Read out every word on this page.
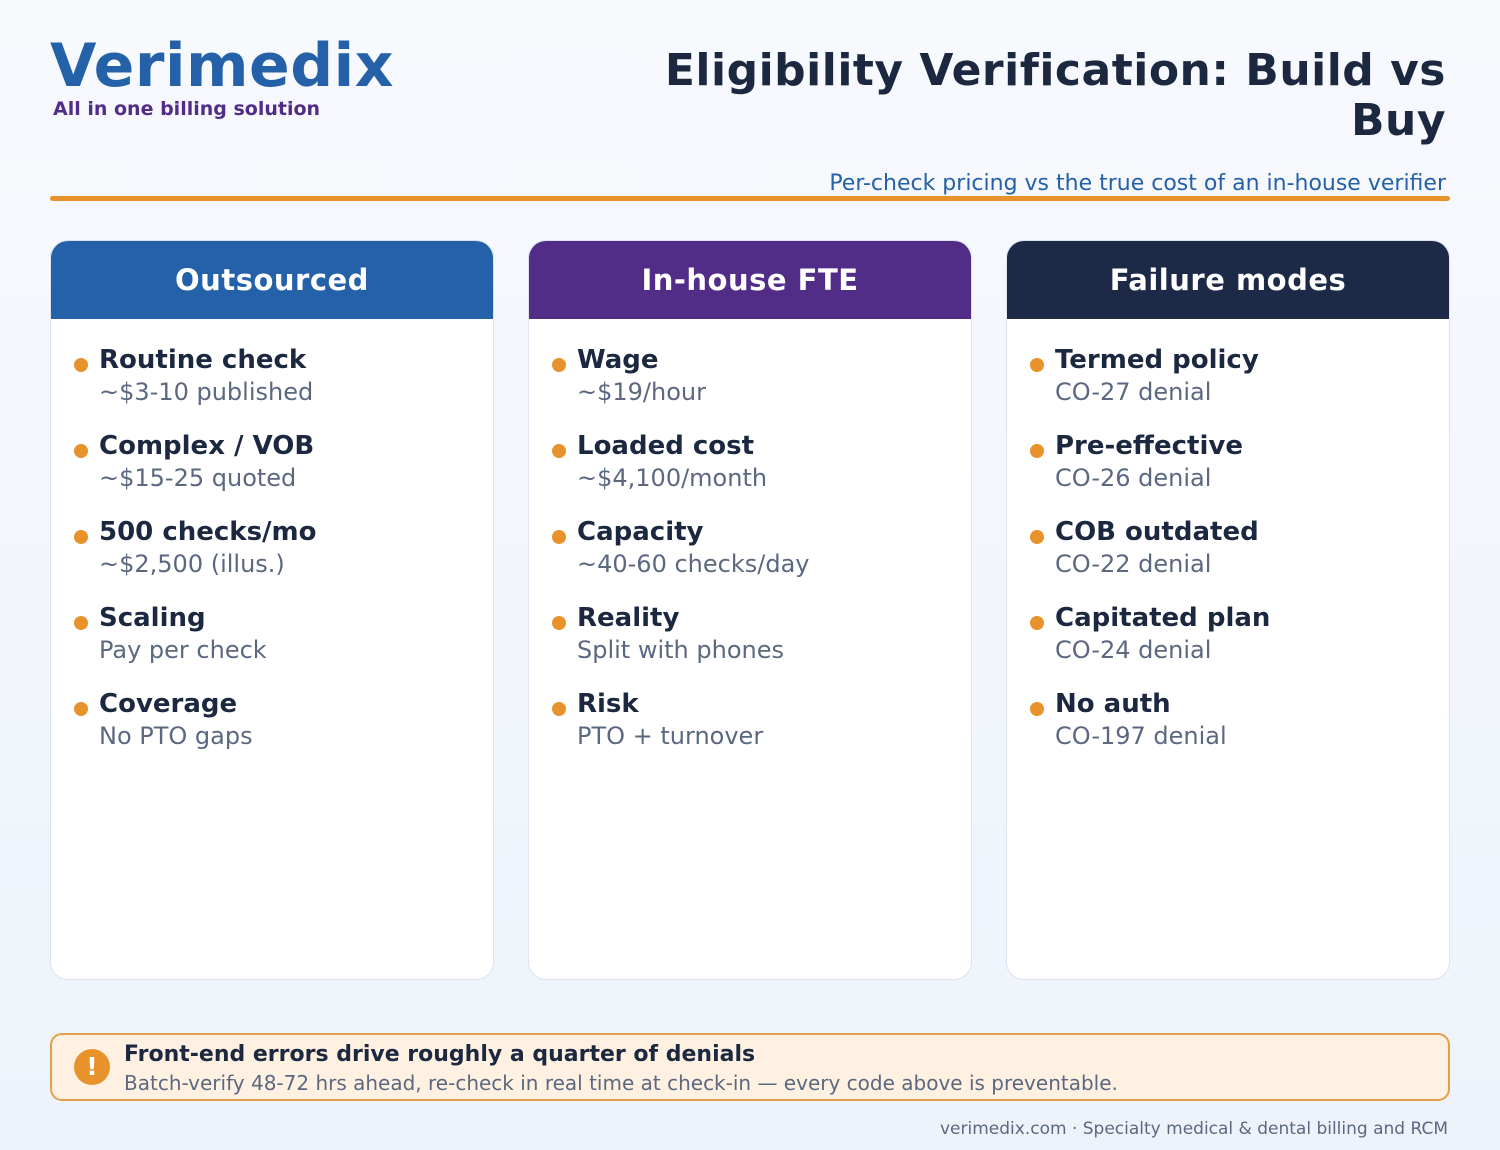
Verimedix
All in one billing solution
Eligibility Verification: Build vs Buy
Per-check pricing vs the true cost of an in-house verifier
Outsourced
Routine check
~$3-10 published
Complex / VOB
~$15-25 quoted
500 checks/mo
~$2,500 (illus.)
Scaling
Pay per check
Coverage
No PTO gaps
In-house FTE
Wage
~$19/hour
Loaded cost
~$4,100/month
Capacity
~40-60 checks/day
Reality
Split with phones
Risk
PTO + turnover
Failure modes
Termed policy
CO-27 denial
Pre-effective
CO-26 denial
COB outdated
CO-22 denial
Capitated plan
CO-24 denial
No auth
CO-197 denial
!	Front-end errors drive roughly a quarter of denials
Batch-verify 48-72 hrs ahead, re-check in real time at check-in — every code above is preventable.
verimedix.com · Specialty medical & dental billing and RCM
